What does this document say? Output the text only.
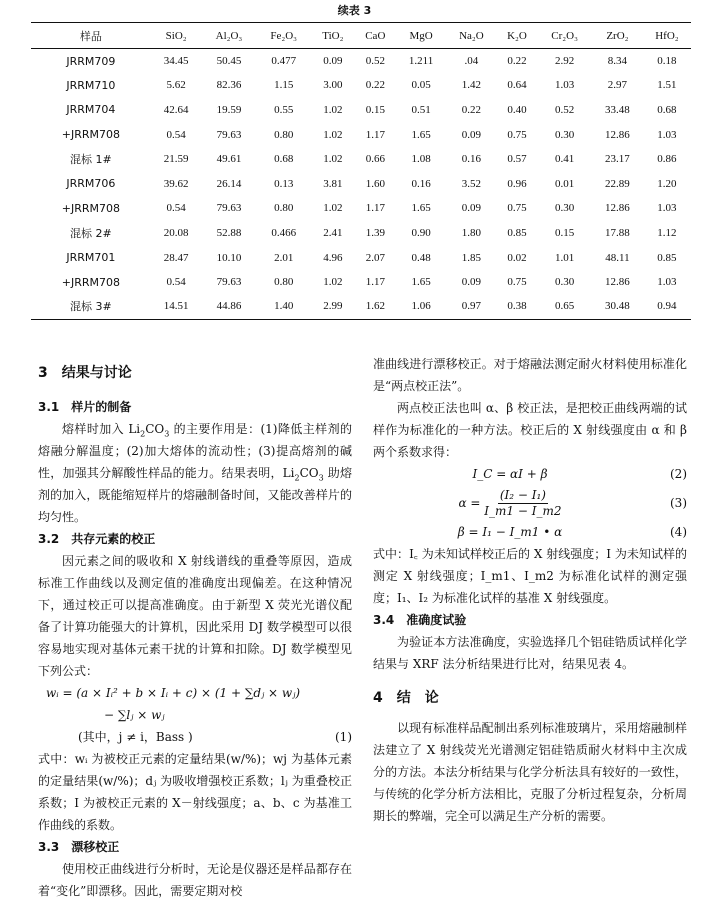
续表 3
样品	SiO₂	Al₂O₃	Fe₂O₃	TiO₂	CaO	MgO	Na₂O	K₂O	Cr₂O₃	ZrO₂	HfO₂
JRRM709	34.45	50.45	0.477	0.09	0.52	1.211	.04	0.22	2.92	8.34	0.18
JRRM710	5.62	82.36	1.15	3.00	0.22	0.05	1.42	0.64	1.03	2.97	1.51
JRRM704	42.64	19.59	0.55	1.02	0.15	0.51	0.22	0.40	0.52	33.48	0.68
+JRRM708	0.54	79.63	0.80	1.02	1.17	1.65	0.09	0.75	0.30	12.86	1.03
混标 1#	21.59	49.61	0.68	1.02	0.66	1.08	0.16	0.57	0.41	23.17	0.86
JRRM706	39.62	26.14	0.13	3.81	1.60	0.16	3.52	0.96	0.01	22.89	1.20
+JRRM708	0.54	79.63	0.80	1.02	1.17	1.65	0.09	0.75	0.30	12.86	1.03
混标 2#	20.08	52.88	0.466	2.41	1.39	0.90	1.80	0.85	0.15	17.88	1.12
JRRM701	28.47	10.10	2.01	4.96	2.07	0.48	1.85	0.02	1.01	48.11	0.85
+JRRM708	0.54	79.63	0.80	1.02	1.17	1.65	0.09	0.75	0.30	12.86	1.03
混标 3#	14.51	44.86	1.40	2.99	1.62	1.06	0.97	0.38	0.65	30.48	0.94
3　结果与讨论
3.1　样片的制备

熔样时加入 $Li_2CO_3$ 的主要作用是：(1)降低主样剂的熔融分解温度；(2)加大熔体的流动性；(3)提高熔剂的碱性，加强其分解酸性样品的能力。结果表明，$Li_2CO_3$ 助熔剂的加入，既能缩短样片的熔融制备时间，又能改善样片的均匀性。

3.2　共存元素的校正

因元素之间的吸收和 X 射线谱线的重叠等原因，造成标准工作曲线以及测定值的准确度出现偏差。在这种情况下，通过校正可以提高准确度。由于新型 X 荧光光谱仪配备了计算功能强大的计算机，因此采用 DJ 数学模型可以很容易地实现对基体元素干扰的计算和扣除。DJ 数学模型见下列公式：

wᵢ = (a × Iᵢ² + b × Iᵢ + c) × (1 + ∑dⱼ × wⱼ)
− ∑lⱼ × wⱼ
(其中，j ≠ i，Bass )	(1)

式中：wᵢ 为被校正元素的定量结果(w/%)；wj 为基体元素的定量结果(w/%)；dⱼ 为吸收增强校正系数；lⱼ 为重叠校正系数；I 为被校正元素的 X－射线强度；a、b、c 为基准工作曲线的系数。

3.3　漂移校正

使用校正曲线进行分析时，无论是仪器还是样品都存在着“变化”即漂移。因此，需要定期对校

准曲线进行漂移校正。对于熔融法测定耐火材料使用标准化是“两点校正法”。

两点校正法也叫 α、β 校正法，是把校正曲线两端的试样作为标准化的一种方法。校正后的 X 射线强度由 α 和 β 两个系数求得：

I_C = αI + β	(2)
$\alpha = \frac{\text{(I₂ − I₁)}}{I\_m1 - I\_m2}$	(3)
β = I₁ − I_m1 • α	(4)

式中：I꜀ 为未知试样校正后的 X 射线强度；I 为未知试样的测定 X 射线强度；I_m1、I_m2 为标准化试样的测定强度；I₁、I₂ 为标准化试样的基准 X 射线强度。

3.4　准确度试验

为验证本方法准确度，实验选择几个铝硅锆质试样化学结果与 XRF 法分析结果进行比对，结果见表 4。

4　结　论

以现有标准样品配制出系列标准玻璃片，采用熔融制样法建立了 X 射线荧光光谱测定铝硅锆质耐火材料中主次成分的方法。本法分析结果与化学分析法具有较好的一致性，与传统的化学分析方法相比，克服了分析过程复杂，分析周期长的弊端，完全可以满足生产分析的需要。
